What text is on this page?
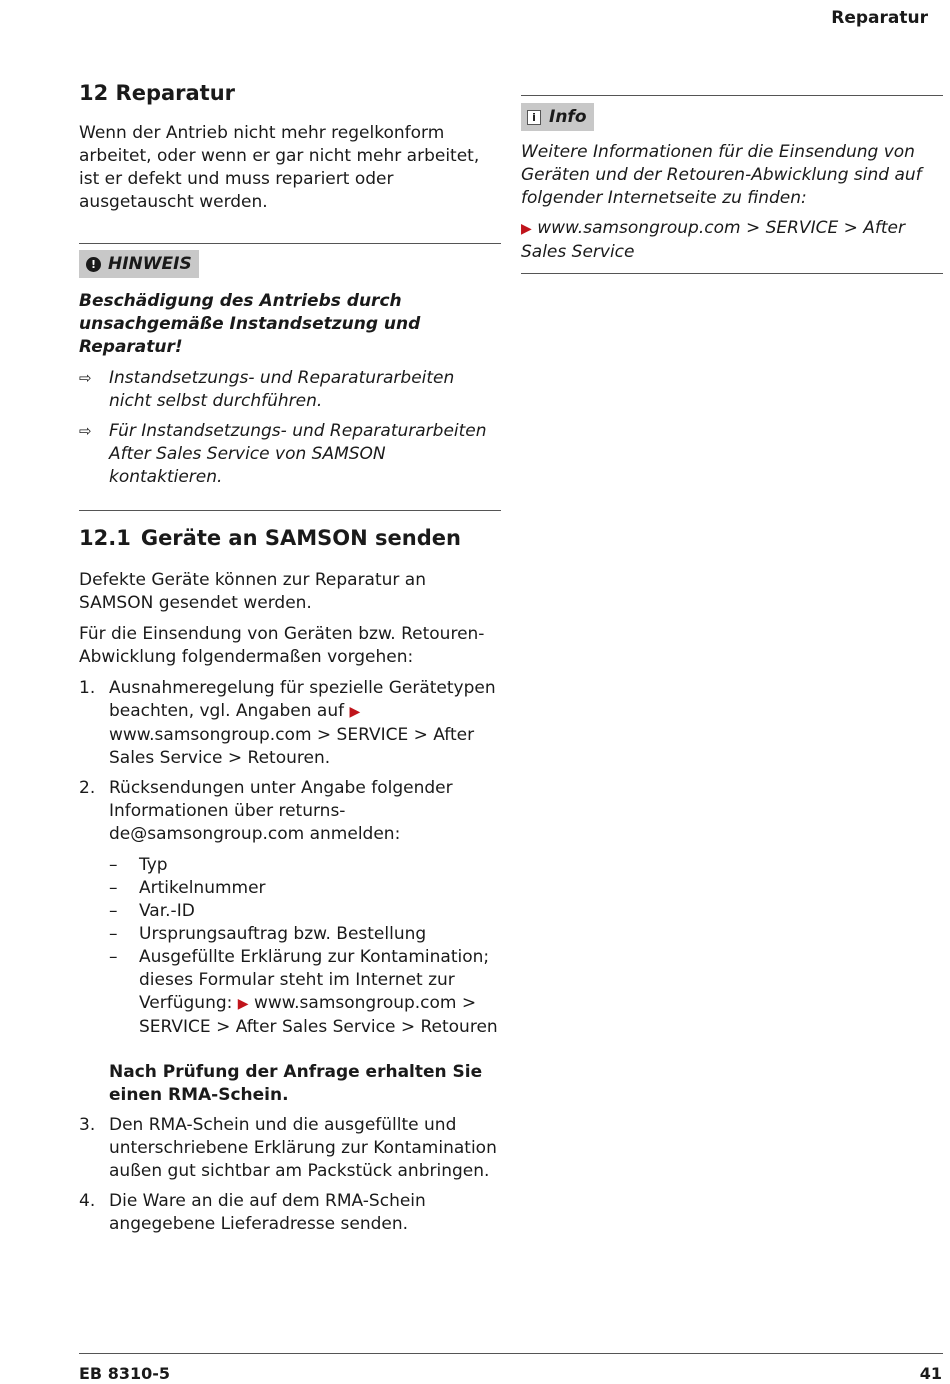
Reparatur
12 Reparatur

Wenn der Antrieb nicht mehr regelkonform arbeitet, oder wenn er gar nicht mehr arbeitet, ist er defekt und muss repariert oder ausgetauscht werden.

! HINWEIS
Beschädigung des Antriebs durch unsachgemäße Instandsetzung und Reparatur!
⇨	Instandsetzungs- und Reparaturarbeiten nicht selbst durchführen.
⇨	Für Instandsetzungs- und Reparaturarbeiten After Sales Service von SAMSON kontaktieren.
12.1 Geräte an SAMSON senden

Defekte Geräte können zur Reparatur an SAMSON gesendet werden.

Für die Einsendung von Geräten bzw. Retouren-Abwicklung folgendermaßen vorgehen:

1. Ausnahmeregelung für spezielle Gerätetypen beachten, vgl. Angaben auf ▶ www.samsongroup.com > SERVICE > After Sales Service > Retouren.
2. Rücksendungen unter Angabe folgender Informationen über returns-de@samsongroup.com anmelden:
–	Typ
–	Artikelnummer
–	Var.-ID
–	Ursprungsauftrag bzw. Bestellung
–	Ausgefüllte Erklärung zur Kontamination; dieses Formular steht im Internet zur Verfügung: ▶ www.samsongroup.com > SERVICE > After Sales Service > Retouren
Nach Prüfung der Anfrage erhalten Sie einen RMA-Schein.
3. Den RMA-Schein und die ausgefüllte und unterschriebene Erklärung zur Kontamination außen gut sichtbar am Packstück anbringen.
4. Die Ware an die auf dem RMA-Schein angegebene Lieferadresse senden.
i Info
Weitere Informationen für die Einsendung von Geräten und der Retouren-Abwicklung sind auf folgender Internetseite zu finden:
▶ www.samsongroup.com > SERVICE > After Sales Service
EB 8310-5	41
